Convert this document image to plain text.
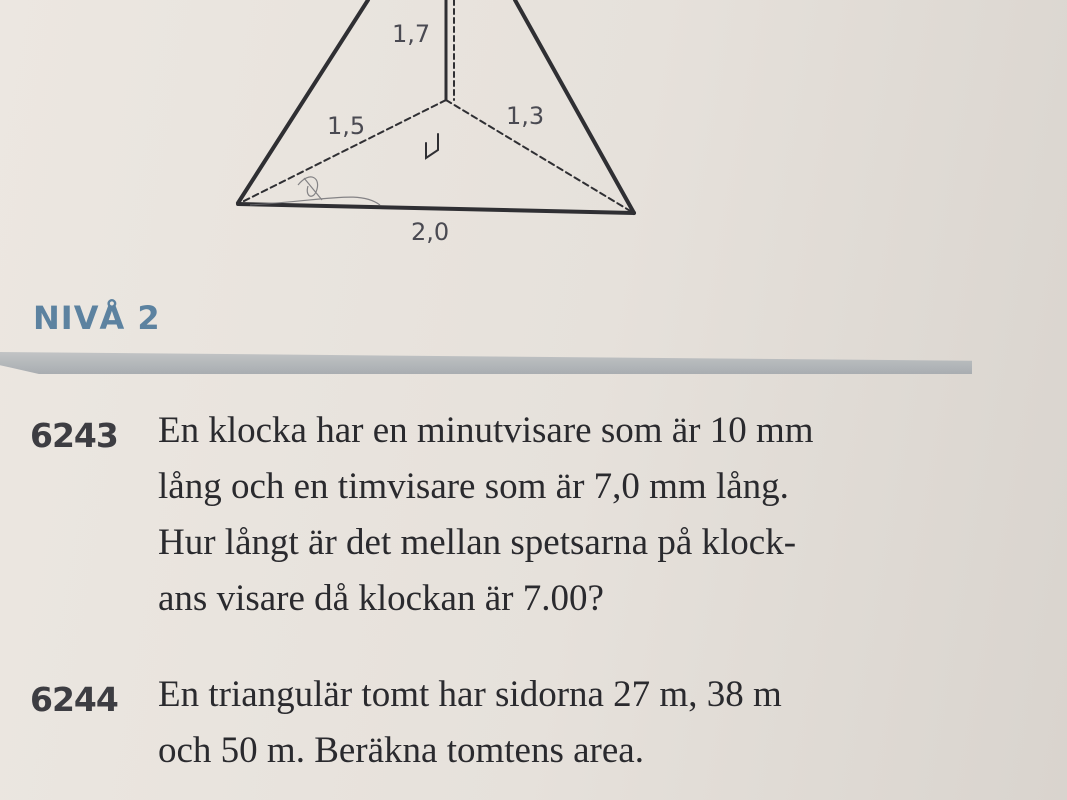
1,7
1,5	1,3
2,0
NIVÅ 2
6243 En klocka har en minutvisare som är 10 mm
lång och en timvisare som är 7,0 mm lång.
Hur långt är det mellan spetsarna på klock-
ans visare då klockan är 7.00?
6244 En triangulär tomt har sidorna 27 m, 38 m
och 50 m. Beräkna tomtens area.
